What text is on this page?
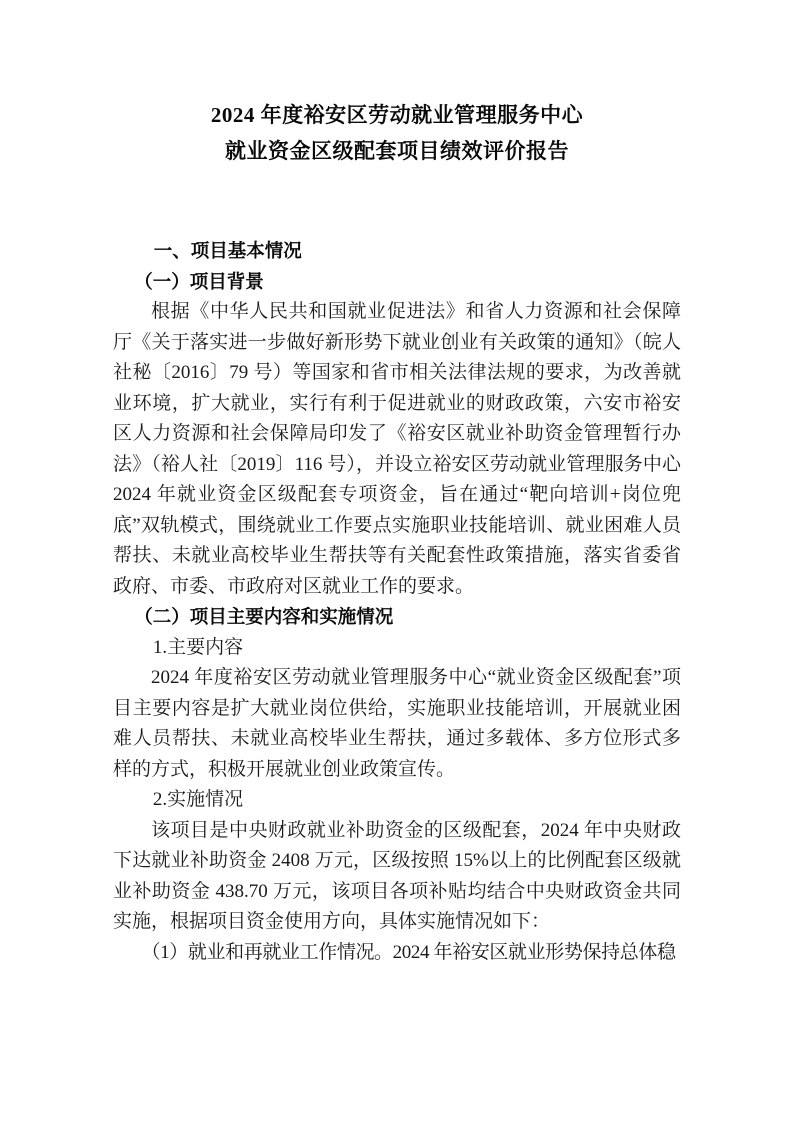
2024 年度裕安区劳动就业管理服务中心
就业资金区级配套项目绩效评价报告

一、项目基本情况

（一）项目背景

根据《中华人民共和国就业促进法》和省人力资源和社会保障厅《关于落实进一步做好新形势下就业创业有关政策的通知》（皖人社秘〔2016〕79 号）等国家和省市相关法律法规的要求，为改善就业环境，扩大就业，实行有利于促进就业的财政政策，六安市裕安区人力资源和社会保障局印发了《裕安区就业补助资金管理暂行办法》（裕人社〔2019〕116 号），并设立裕安区劳动就业管理服务中心 2024 年就业资金区级配套专项资金，旨在通过“靶向培训+岗位兜底”双轨模式，围绕就业工作要点实施职业技能培训、就业困难人员帮扶、未就业高校毕业生帮扶等有关配套性政策措施，落实省委省政府、市委、市政府对区就业工作的要求。

（二）项目主要内容和实施情况

1.主要内容

2024 年度裕安区劳动就业管理服务中心“就业资金区级配套”项目主要内容是扩大就业岗位供给，实施职业技能培训，开展就业困难人员帮扶、未就业高校毕业生帮扶，通过多载体、多方位形式多样的方式，积极开展就业创业政策宣传。

2.实施情况

该项目是中央财政就业补助资金的区级配套，2024 年中央财政下达就业补助资金 2408 万元，区级按照 15%以上的比例配套区级就业补助资金 438.70 万元，该项目各项补贴均结合中央财政资金共同实施，根据项目资金使用方向，具体实施情况如下：

（1）就业和再就业工作情况。2024 年裕安区就业形势保持总体稳
